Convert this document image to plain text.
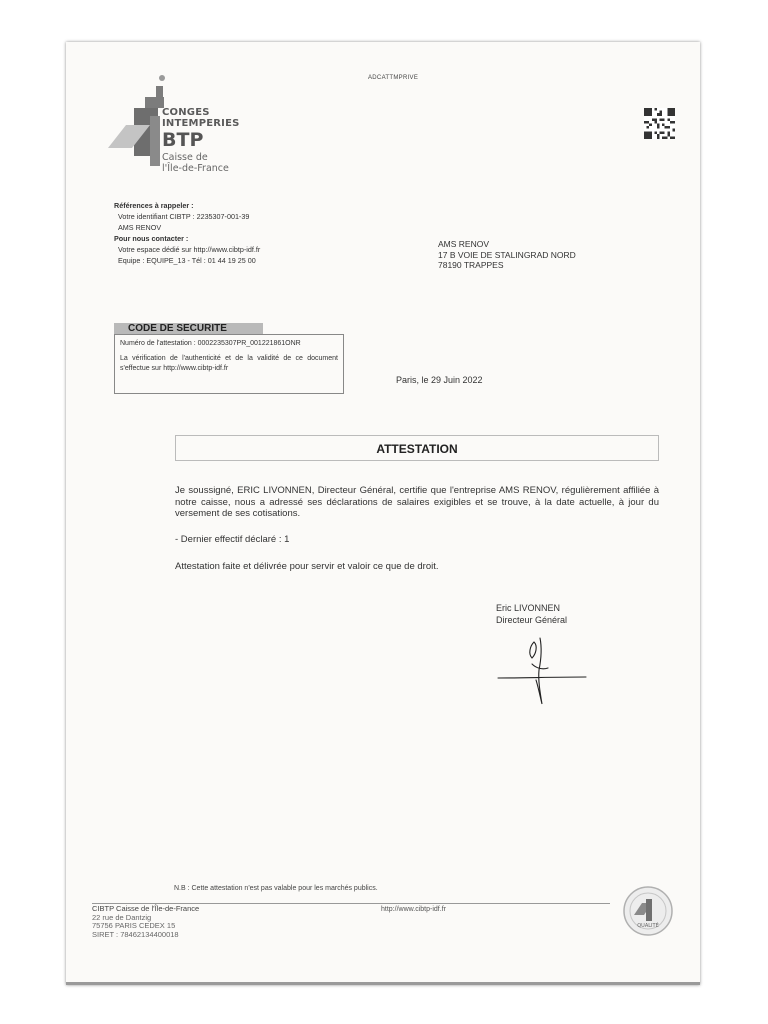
ADCATTMPRIVE
CONGES
INTEMPERIES
BTP
Caisse de
l'Île-de-France
Références à rappeler :
Votre identifiant CIBTP : 2235307-001-39
AMS RENOV
Pour nous contacter :
Votre espace dédié sur http://www.cibtp-idf.fr
Equipe : EQUIPE_13 - Tél : 01 44 19 25 00
AMS RENOV
17 B VOIE DE STALINGRAD NORD
78190 TRAPPES
CODE DE SECURITE
Numéro de l'attestation : 0002235307PR_001221861ONR
La vérification de l'authenticité et de la validité de ce document s'effectue sur http://www.cibtp-idf.fr
Paris, le 29 Juin 2022
ATTESTATION

Je soussigné, ERIC LIVONNEN, Directeur Général, certifie que l'entreprise AMS RENOV, régulièrement affiliée à notre caisse, nous a adressé ses déclarations de salaires exigibles et se trouve, à la date actuelle, à jour du versement de ses cotisations.

- Dernier effectif déclaré : 1

Attestation faite et délivrée pour servir et valoir ce que de droit.

Eric LIVONNEN
Directeur Général
N.B : Cette attestation n'est pas valable pour les marchés publics.
CIBTP Caisse de l'Île-de-France
22 rue de Dantzig
75756 PARIS CEDEX 15
SIRET : 78462134400018
http://www.cibtp-idf.fr
QUALITÉ
